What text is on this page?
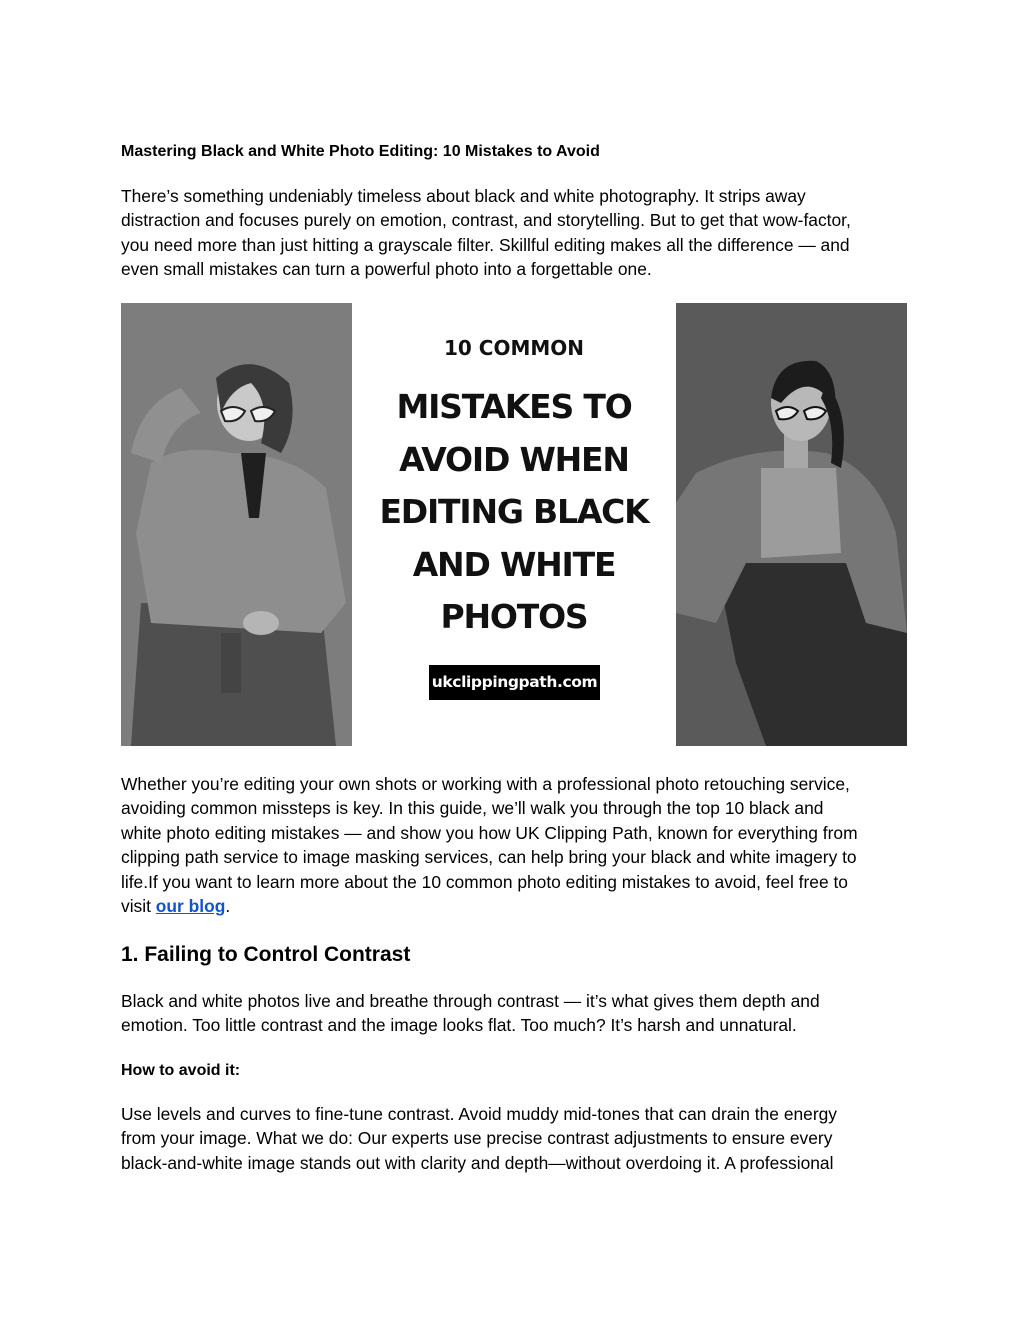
Mastering Black and White Photo Editing: 10 Mistakes to Avoid

There’s something undeniably timeless about black and white photography. It strips away
distraction and focuses purely on emotion, contrast, and storytelling. But to get that wow-factor,
you need more than just hitting a grayscale filter. Skillful editing makes all the difference — and
even small mistakes can turn a powerful photo into a forgettable one.

Whether you’re editing your own shots or working with a professional photo retouching service,
avoiding common missteps is key. In this guide, we’ll walk you through the top 10 black and
white photo editing mistakes — and show you how UK Clipping Path, known for everything from
clipping path service to image masking services, can help bring your black and white imagery to
life.If you want to learn more about the 10 common photo editing mistakes to avoid, feel free to
visit our blog.

1. Failing to Control Contrast

Black and white photos live and breathe through contrast — it’s what gives them depth and
emotion. Too little contrast and the image looks flat. Too much? It’s harsh and unnatural.

How to avoid it:

Use levels and curves to fine-tune contrast. Avoid muddy mid-tones that can drain the energy
from your image. What we do: Our experts use precise contrast adjustments to ensure every
black-and-white image stands out with clarity and depth—without overdoing it. A professional

10 COMMON
MISTAKES TO
AVOID WHEN
EDITING BLACK
AND WHITE
PHOTOS
ukclippingpath.com
